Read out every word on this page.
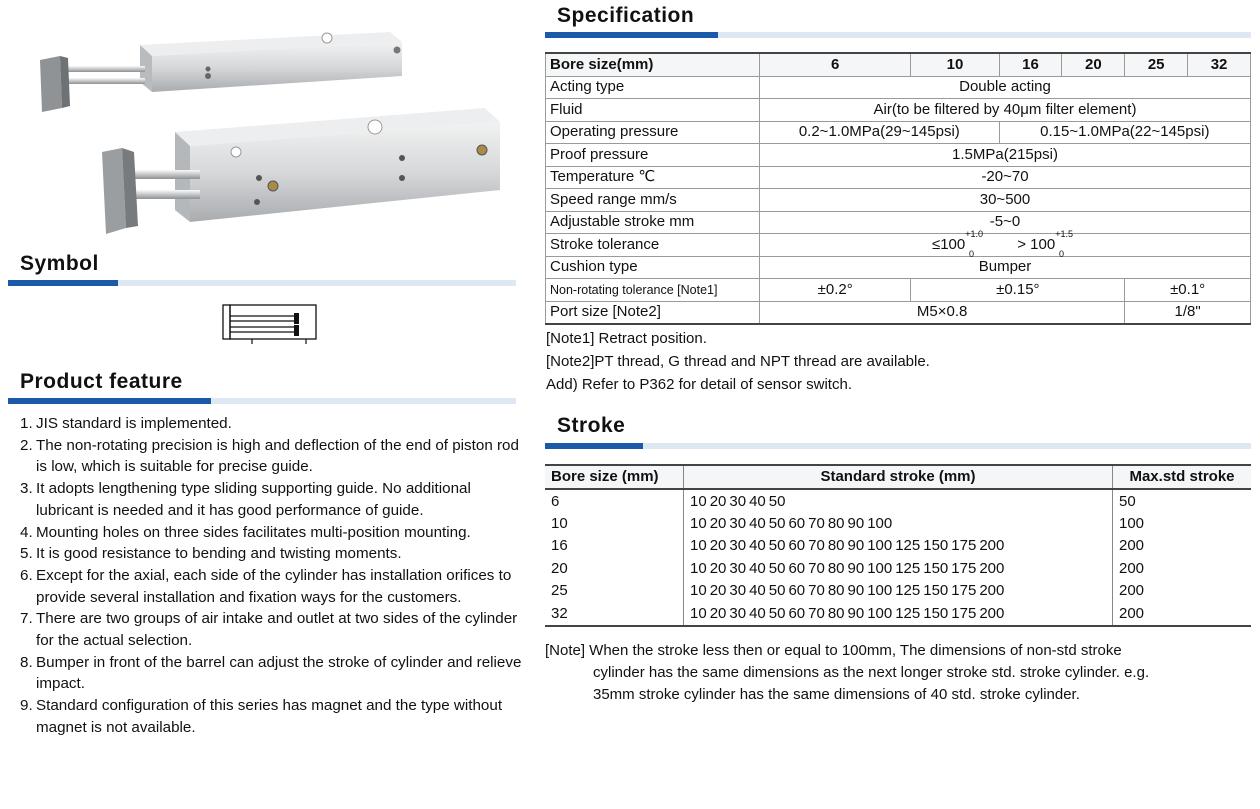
Symbol
Product feature
1. JIS standard is implemented.
2. The non-rotating precision is high and deflection of the end of piston rod is low, which is suitable for precise guide.
3. It adopts lengthening type sliding supporting guide. No additional lubricant is needed and it has good performance of guide.
4. Mounting holes on three sides facilitates multi-position mounting.
5. It is good resistance to bending and twisting moments.
6. Except for the axial, each side of the cylinder has installation orifices to provide several installation and fixation ways for the customers.
7. There are two groups of air intake and outlet at two sides of the cylinder for the actual selection.
8. Bumper in front of the barrel can adjust the stroke of cylinder and relieve impact.
9. Standard configuration of this series has magnet and the type without magnet is not available.
Specification
Bore size(mm)	6	10	16	20	25	32
Acting type	Double acting					
Fluid	Air(to be filtered by 40μm filter element)					
Operating pressure	0.2~1.0MPa(29~145psi)		0.15~1.0MPa(22~145psi)			
Proof pressure	1.5MPa(215psi)					
Temperature ℃	-20~70					
Speed range mm/s	30~500					
Adjustable stroke mm	-5~0					
Stroke tolerance	$\le 100^{+1.0}_0$       > $100^{+1.5}_0$
Cushion type	Bumper					
Non-rotating tolerance [Note1]	±0.2°	±0.15°			±0.1°	
Port size [Note2]	M5×0.8				1/8"	
[Note1] Retract position.
[Note2]PT thread, G thread and NPT thread are available.
Add) Refer to P362 for detail of sensor switch.
Stroke
Bore size (mm)	Standard stroke (mm)	Max.std stroke
6	10 20 30 40 50	50
10	10 20 30 40 50 60 70 80 90 100	100
16	10 20 30 40 50 60 70 80 90 100 125 150 175 200	200
20	10 20 30 40 50 60 70 80 90 100 125 150 175 200	200
25	10 20 30 40 50 60 70 80 90 100 125 150 175 200	200
32	10 20 30 40 50 60 70 80 90 100 125 150 175 200	200
[Note] When the stroke less then or equal to 100mm, The dimensions of non-std stroke
cylinder has the same dimensions as the next longer stroke std. stroke cylinder. e.g.
35mm stroke cylinder has the same dimensions of 40 std. stroke cylinder.
